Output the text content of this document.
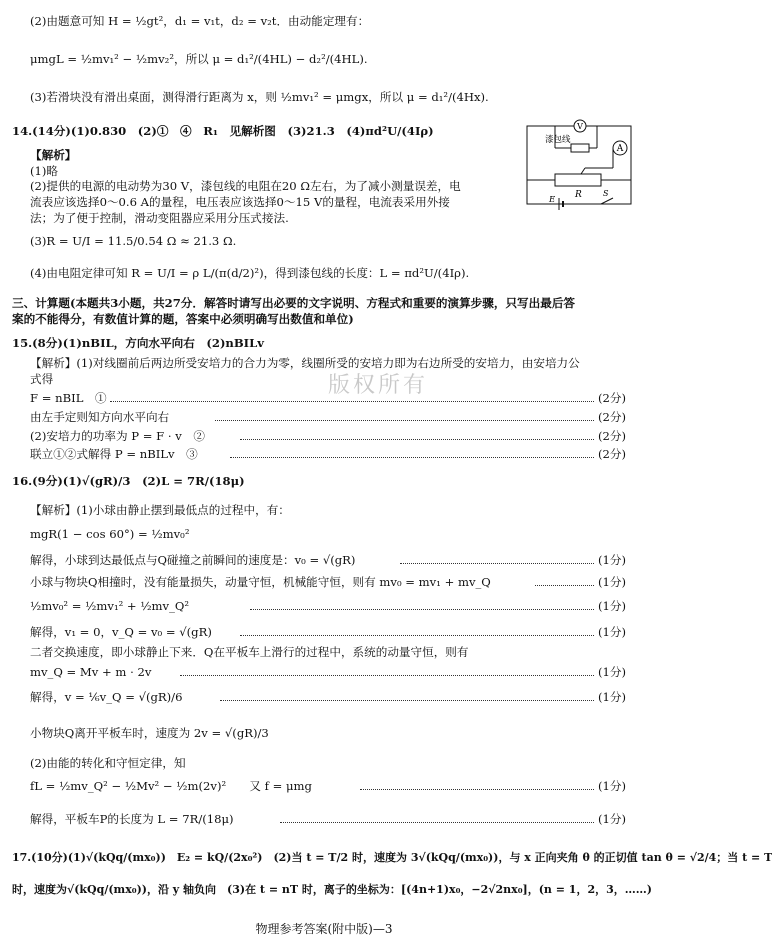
(2)由题意可知 H = ½gt²，d₁ = v₁t，d₂ = v₂t．由动能定理有：
μmgL = ½mv₁² − ½mv₂²，所以 μ = d₁²/(4HL) − d₂²/(4HL).
(3)若滑块没有滑出桌面，测得滑行距离为 x，则 ½mv₁² = μmgx，所以 μ = d₁²/(4Hx).
14.(14分)(1)0.830　(2)①　④　R₁　见解析图　(3)21.3　(4)πd²U/(4Iρ)	V
A
漆包线
R
E
S
【解析】
(1)略
(2)提供的电源的电动势为30 V，漆包线的电阻在20 Ω左右，为了减小测量误差，电
流表应该选择0～0.6 A的量程，电压表应该选择0～15 V的量程，电流表采用外接
法；为了便于控制，滑动变阻器应采用分压式接法.
(3)R = U/I = 11.5/0.54 Ω ≈ 21.3 Ω.
(4)由电阻定律可知 R = U/I = ρ L/(π(d/2)²)，得到漆包线的长度：L = πd²U/(4Iρ).
三、计算题(本题共3小题，共27分．解答时请写出必要的文字说明、方程式和重要的演算步骤，只写出最后答
案的不能得分，有数值计算的题，答案中必须明确写出数值和单位)
15.(8分)(1)nBIL，方向水平向右　(2)nBILv
【解析】(1)对线圈前后两边所受安培力的合力为零，线圈所受的安培力即为右边所受的安培力，由安培力公
式得	版权所有
F = nBIL　①	(2分)
由左手定则知方向水平向右	(2分)
(2)安培力的功率为 P = F · v　②	(2分)
联立①②式解得 P = nBILv　③	(2分)
16.(9分)(1)√(gR)/3　(2)L = 7R/(18μ)
【解析】(1)小球由静止摆到最低点的过程中，有：
mgR(1 − cos 60°) = ½mv₀²
解得，小球到达最低点与Q碰撞之前瞬间的速度是：v₀ = √(gR)	(1分)
小球与物块Q相撞时，没有能量损失，动量守恒，机械能守恒，则有 mv₀ = mv₁ + mv_Q	(1分)
½mv₀² = ½mv₁² + ½mv_Q²	(1分)
解得，v₁ = 0，v_Q = v₀ = √(gR)	(1分)
二者交换速度，即小球静止下来．Q在平板车上滑行的过程中，系统的动量守恒，则有
mv_Q = Mv + m · 2v	(1分)
解得，v = ⅙v_Q = √(gR)/6	(1分)
小物块Q离开平板车时，速度为 2v = √(gR)/3
(2)由能的转化和守恒定律，知
fL = ½mv_Q² − ½Mv² − ½m(2v)²　　又 f = μmg	(1分)
解得，平板车P的长度为 L = 7R/(18μ)	(1分)
17.(10分)(1)√(kQq/(mx₀))　E₂ = kQ/(2x₀²)　(2)当 t = T/2 时，速度为 3√(kQq/(mx₀))，与 x 正向夹角 θ 的正切值 tan θ = √2/4；当 t = T
时，速度为√(kQq/(mx₀))，沿 y 轴负向　(3)在 t = nT 时，离子的坐标为：[(4n+1)x₀，−2√2nx₀]，(n = 1，2，3，……)
物理参考答案(附中版)—3
